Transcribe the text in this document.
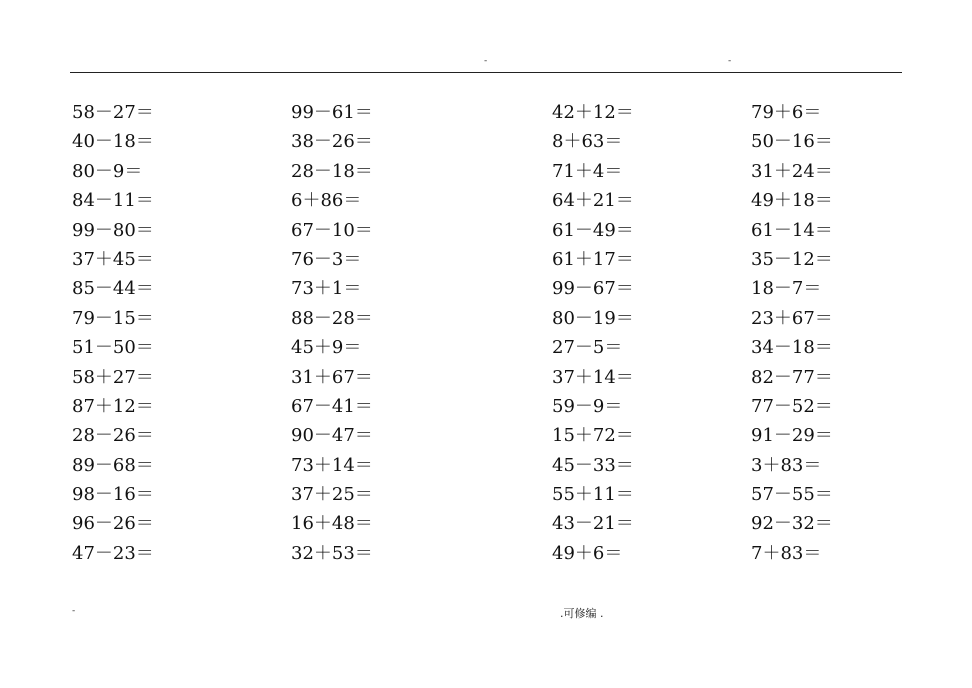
-	-
58－27＝
40－18＝
80－9＝
84－11＝
99－80＝
37＋45＝
85－44＝
79－15＝
51－50＝
58＋27＝
87＋12＝
28－26＝
89－68＝
98－16＝
96－26＝
47－23＝
99－61＝
38－26＝
28－18＝
6＋86＝
67－10＝
76－3＝
73＋1＝
88－28＝
45＋9＝
31＋67＝
67－41＝
90－47＝
73＋14＝
37＋25＝
16＋48＝
32＋53＝
42＋12＝
8＋63＝
71＋4＝
64＋21＝
61－49＝
61＋17＝
99－67＝
80－19＝
27－5＝
37＋14＝
59－9＝
15＋72＝
45－33＝
55＋11＝
43－21＝
49＋6＝
79＋6＝
50－16＝
31＋24＝
49＋18＝
61－14＝
35－12＝
18－7＝
23＋67＝
34－18＝
82－77＝
77－52＝
91－29＝
3＋83＝
57－55＝
92－32＝
7＋83＝
-	.可修编 .
